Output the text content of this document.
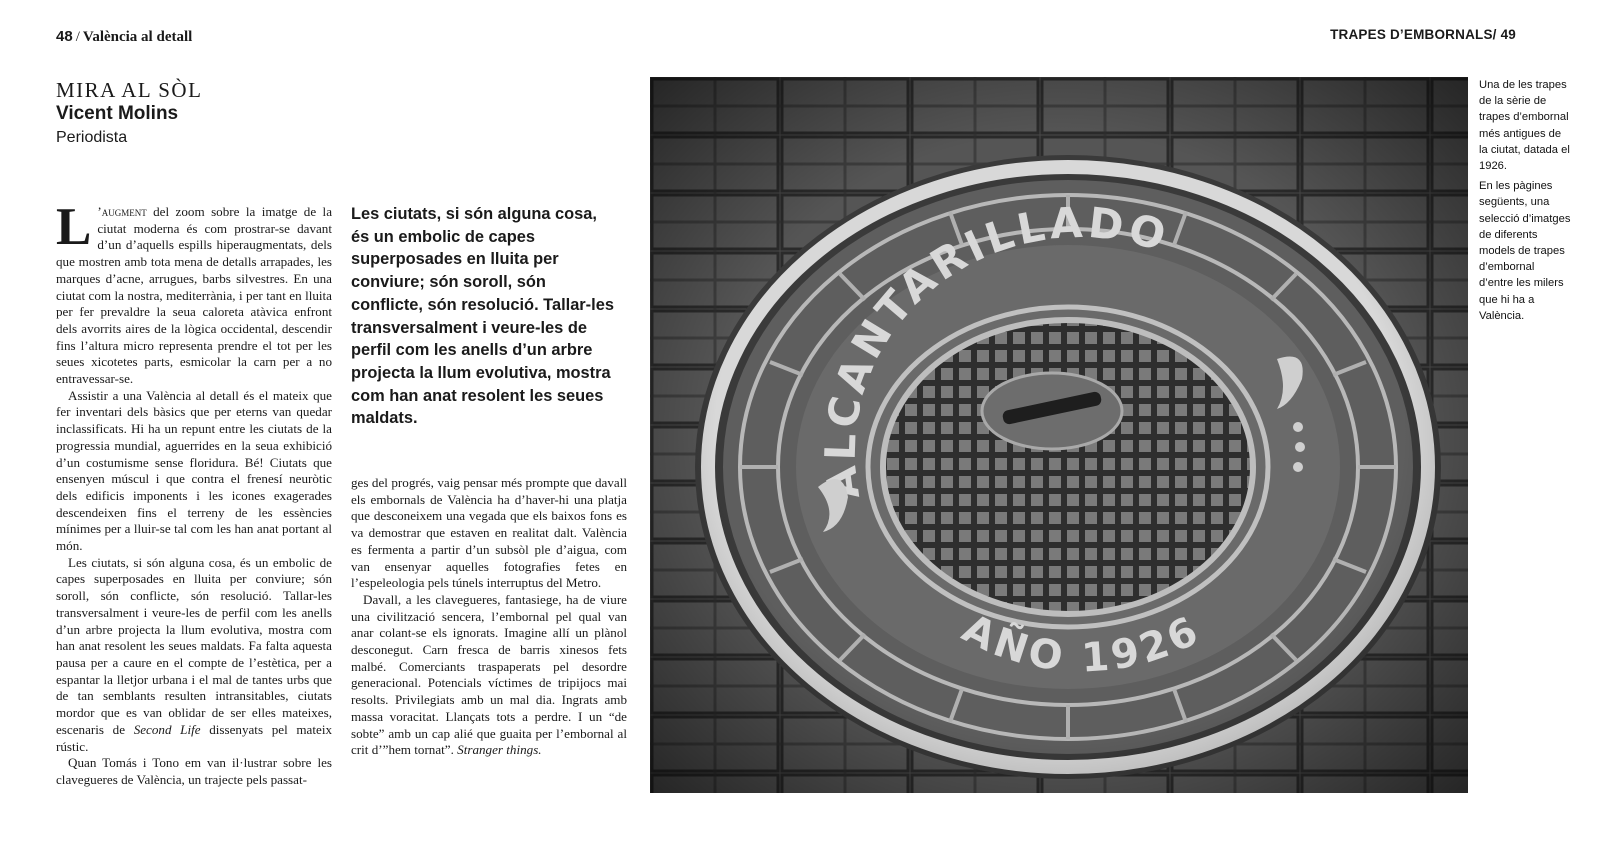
48 / València al detall	TRAPES D’EMBORNALS/ 49
MIRA AL SÒL
Vicent Molins
Periodista

L ’augment del zoom sobre la imatge de la ciutat moderna és com prostrar-se davant d’un d’aquells espills hiperaugmentats, dels que mostren amb tota mena de detalls arrapades, les marques d’acne, arrugues, barbs silvestres. En una ciutat com la nostra, mediterrània, i per tant en lluita per fer prevaldre la seua caloreta atàvica enfront dels avorrits aires de la lògica occidental, descendir fins l’altura micro representa prendre el tot per les seues xicotetes parts, esmicolar la carn per a no entravessar-se.

Assistir a una València al detall és el mateix que fer inventari dels bàsics que per eterns van quedar inclassificats. Hi ha un repunt entre les ciutats de la progressia mundial, aguerrides en la seua exhibició d’un costumisme sense floridura. Bé! Ciutats que ensenyen múscul i que contra el frenesí neuròtic dels edificis imponents i les icones exagerades descendeixen fins el terreny de les essències mínimes per a lluir-se tal com les han anat portant al món.

Les ciutats, si són alguna cosa, és un embolic de capes superposades en lluita per conviure; són soroll, són conflicte, són resolució. Tallar-les transversalment i veure-les de perfil com les anells d’un arbre projecta la llum evolutiva, mostra com han anat resolent les seues maldats. Fa falta aquesta pausa per a caure en el compte de l’estètica, per a espantar la lletjor urbana i el mal de tantes urbs que de tan semblants resulten intransitables, ciutats mordor que es van oblidar de ser elles mateixes, escenaris de Second Life dissenyats pel mateix rústic.

Quan Tomás i Tono em van il·lustrar sobre les clavegueres de València, un trajecte pels passat-

Les ciutats, si són alguna cosa, és un embolic de capes superposades en lluita per conviure; són soroll, són conflicte, són resolució. Tallar-les transversalment i veure-les de perfil com les anells d’un arbre projecta la llum evolutiva, mostra com han anat resolent les seues maldats.

ges del progrés, vaig pensar més prompte que davall els embornals de València ha d’haver-hi una platja que desconeixem una vegada que els baixos fons es va demostrar que estaven en realitat dalt. València es fermenta a partir d’un subsòl ple d’aigua, com van ensenyar aquelles fotografies fetes en l’espeleologia pels túnels interruptus del Metro.

Davall, a les clavegueres, fantasiege, ha de viure una civilització sencera, l’embornal pel qual van anar colant-se els ignorats. Imagine allí un plànol desconegut. Carn fresca de barris xinesos fets malbé. Comerciants traspaperats pel desordre generacional. Potencials víctimes de tripijocs mai resolts. Privilegiats amb un mal dia. Ingrats amb massa voracitat. Llançats tots a perdre. I un “de sobte” amb un cap alié que guaita per l’embornal al crit d’”hem tornat”. Stranger things.

Una de les trapes de la sèrie de trapes d’embornal més antigues de la ciutat, datada el 1926.

En les pàgines següents, una selecció d’imatges de diferents models de trapes d’embornal d’entre les milers que hi ha a València.
